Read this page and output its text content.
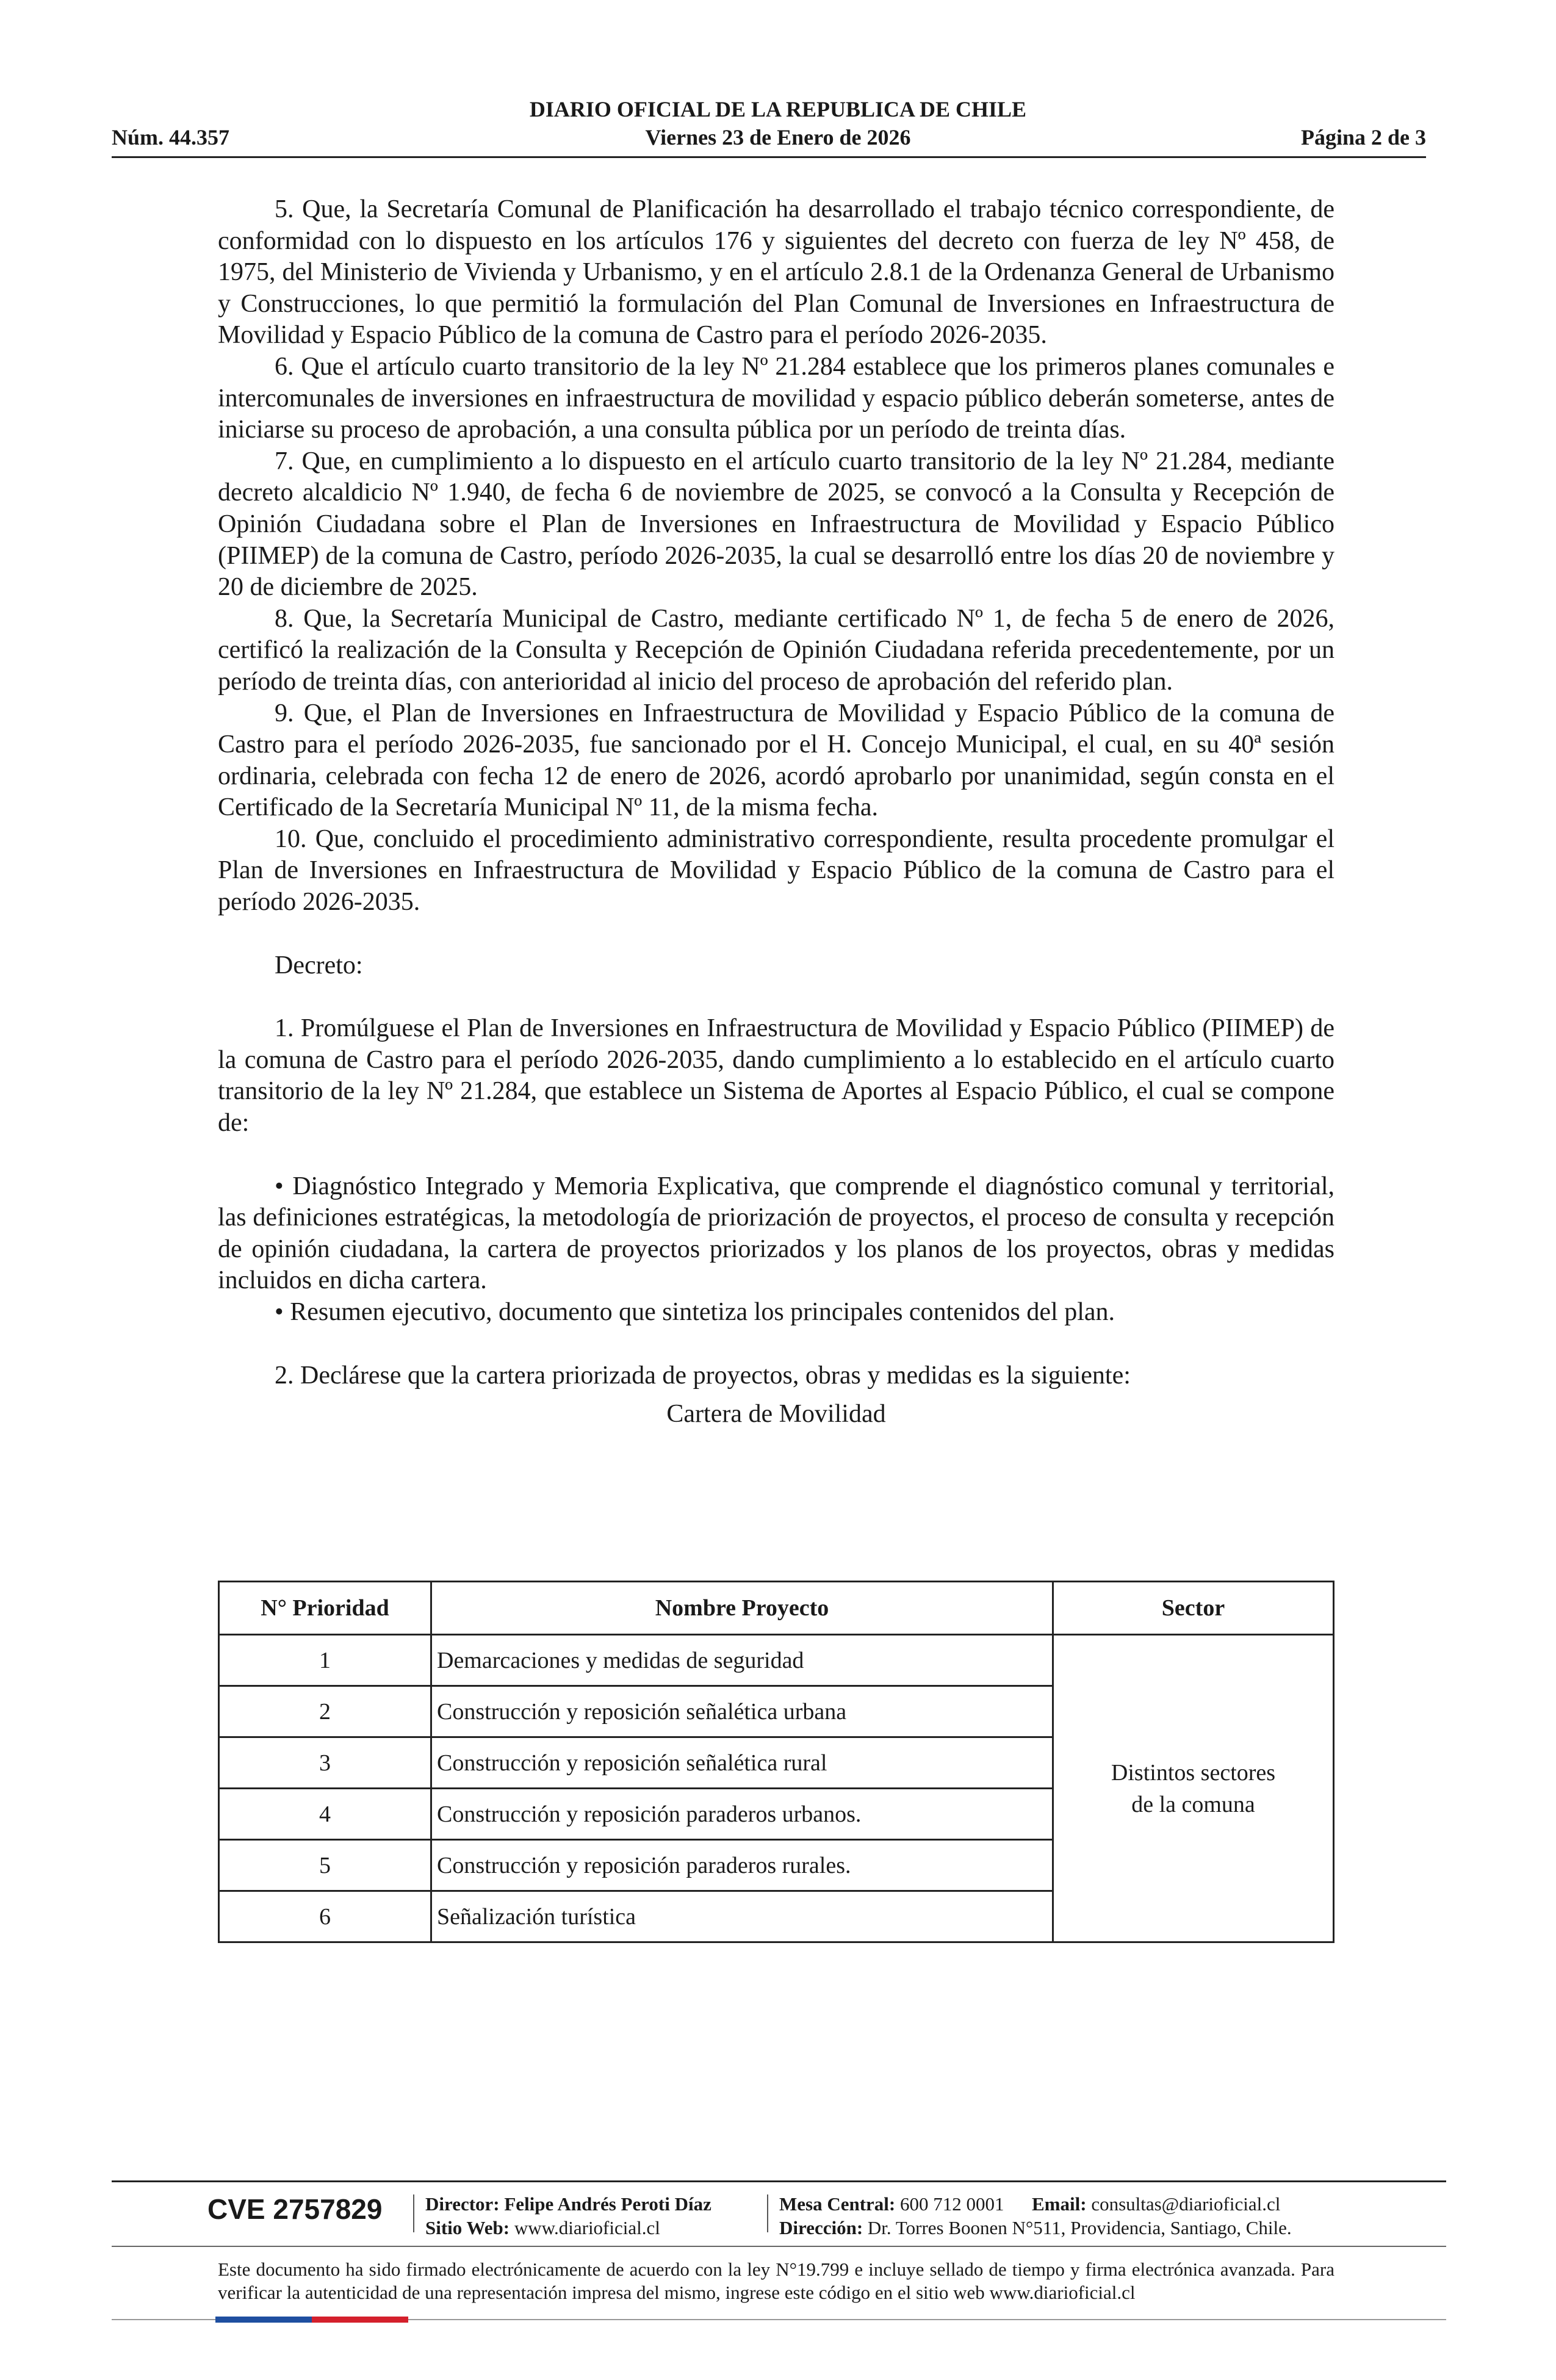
DIARIO OFICIAL DE LA REPUBLICA DE CHILE
Núm. 44.357	Viernes 23 de Enero de 2026	Página 2 de 3

5. Que, la Secretaría Comunal de Planificación ha desarrollado el trabajo técnico correspondiente, de conformidad con lo dispuesto en los artículos 176 y siguientes del decreto con fuerza de ley Nº 458, de 1975, del Ministerio de Vivienda y Urbanismo, y en el artículo 2.8.1 de la Ordenanza General de Urbanismo y Construcciones, lo que permitió la formulación del Plan Comunal de Inversiones en Infraestructura de Movilidad y Espacio Público de la comuna de Castro para el período 2026-2035.

6. Que el artículo cuarto transitorio de la ley Nº 21.284 establece que los primeros planes comunales e intercomunales de inversiones en infraestructura de movilidad y espacio público deberán someterse, antes de iniciarse su proceso de aprobación, a una consulta pública por un período de treinta días.

7. Que, en cumplimiento a lo dispuesto en el artículo cuarto transitorio de la ley Nº 21.284, mediante decreto alcaldicio Nº 1.940, de fecha 6 de noviembre de 2025, se convocó a la Consulta y Recepción de Opinión Ciudadana sobre el Plan de Inversiones en Infraestructura de Movilidad y Espacio Público (PIIMEP) de la comuna de Castro, período 2026-2035, la cual se desarrolló entre los días 20 de noviembre y 20 de diciembre de 2025.

8. Que, la Secretaría Municipal de Castro, mediante certificado Nº 1, de fecha 5 de enero de 2026, certificó la realización de la Consulta y Recepción de Opinión Ciudadana referida precedentemente, por un período de treinta días, con anterioridad al inicio del proceso de aprobación del referido plan.

9. Que, el Plan de Inversiones en Infraestructura de Movilidad y Espacio Público de la comuna de Castro para el período 2026-2035, fue sancionado por el H. Concejo Municipal, el cual, en su 40ª sesión ordinaria, celebrada con fecha 12 de enero de 2026, acordó aprobarlo por unanimidad, según consta en el Certificado de la Secretaría Municipal Nº 11, de la misma fecha.

10. Que, concluido el procedimiento administrativo correspondiente, resulta procedente promulgar el Plan de Inversiones en Infraestructura de Movilidad y Espacio Público de la comuna de Castro para el período 2026-2035.

Decreto:

1. Promúlguese el Plan de Inversiones en Infraestructura de Movilidad y Espacio Público (PIIMEP) de la comuna de Castro para el período 2026-2035, dando cumplimiento a lo establecido en el artículo cuarto transitorio de la ley Nº 21.284, que establece un Sistema de Aportes al Espacio Público, el cual se compone de:

• Diagnóstico Integrado y Memoria Explicativa, que comprende el diagnóstico comunal y territorial, las definiciones estratégicas, la metodología de priorización de proyectos, el proceso de consulta y recepción de opinión ciudadana, la cartera de proyectos priorizados y los planos de los proyectos, obras y medidas incluidos en dicha cartera.

• Resumen ejecutivo, documento que sintetiza los principales contenidos del plan.

2. Declárese que la cartera priorizada de proyectos, obras y medidas es la siguiente:

Cartera de Movilidad

N° Prioridad	Nombre Proyecto	Sector
1	Demarcaciones y medidas de seguridad	Distintos sectores
de la comuna

2	Construcción y reposición señalética urbana	
3	Construcción y reposición señalética rural	
4	Construcción y reposición paraderos urbanos.	
5	Construcción y reposición paraderos rurales.	
6	Señalización turística	
CVE 2757829 Director: Felipe Andrés Peroti Díaz
Sitio Web: www.diarioficial.cl
Mesa Central: 600 712 0001 Email: consultas@diarioficial.cl
Dirección: Dr. Torres Boonen N°511, Providencia, Santiago, Chile.
Este documento ha sido firmado electrónicamente de acuerdo con la ley N°19.799 e incluye sellado de tiempo y firma electrónica avanzada. Para verificar la autenticidad de una representación impresa del mismo, ingrese este código en el sitio web www.diarioficial.cl
